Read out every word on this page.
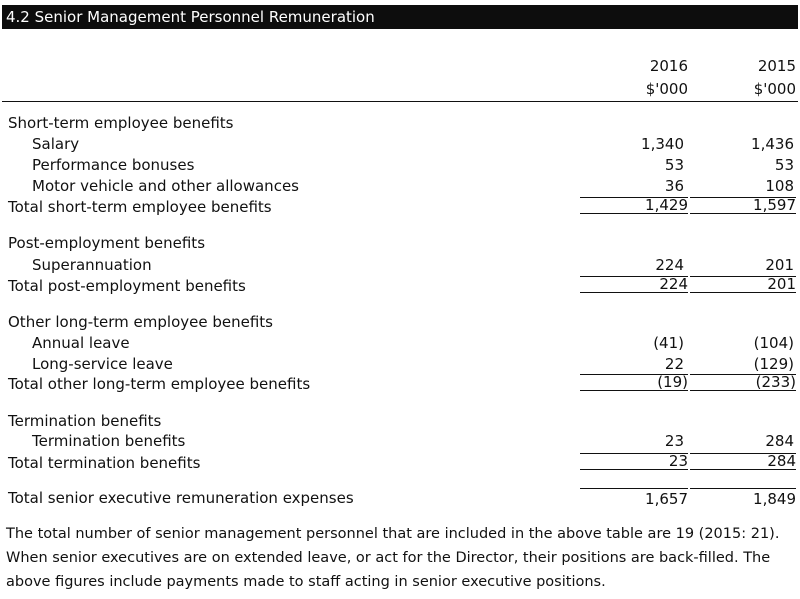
4.2 Senior Management Personnel Remuneration
2016	2015
$'000	$'000
Short-term employee benefits
Salary	1,340	1,436
Performance bonuses	53	53
Motor vehicle and other allowances	36	108
Total short-term employee benefits	1,429	1,597
Post-employment benefits
Superannuation	224	201
Total post-employment benefits	224	201
Other long-term employee benefits
Annual leave	(41)	(104)
Long-service leave	22	(129)
Total other long-term employee benefits	(19)	(233)
Termination benefits
Termination benefits	23	284
Total termination benefits	23	284
Total senior executive remuneration expenses	1,657	1,849
The total number of senior management personnel that are included in the above table are 19 (2015: 21). When senior executives are on extended leave, or act for the Director, their positions are back-filled. The above figures include payments made to staff acting in senior executive positions.
